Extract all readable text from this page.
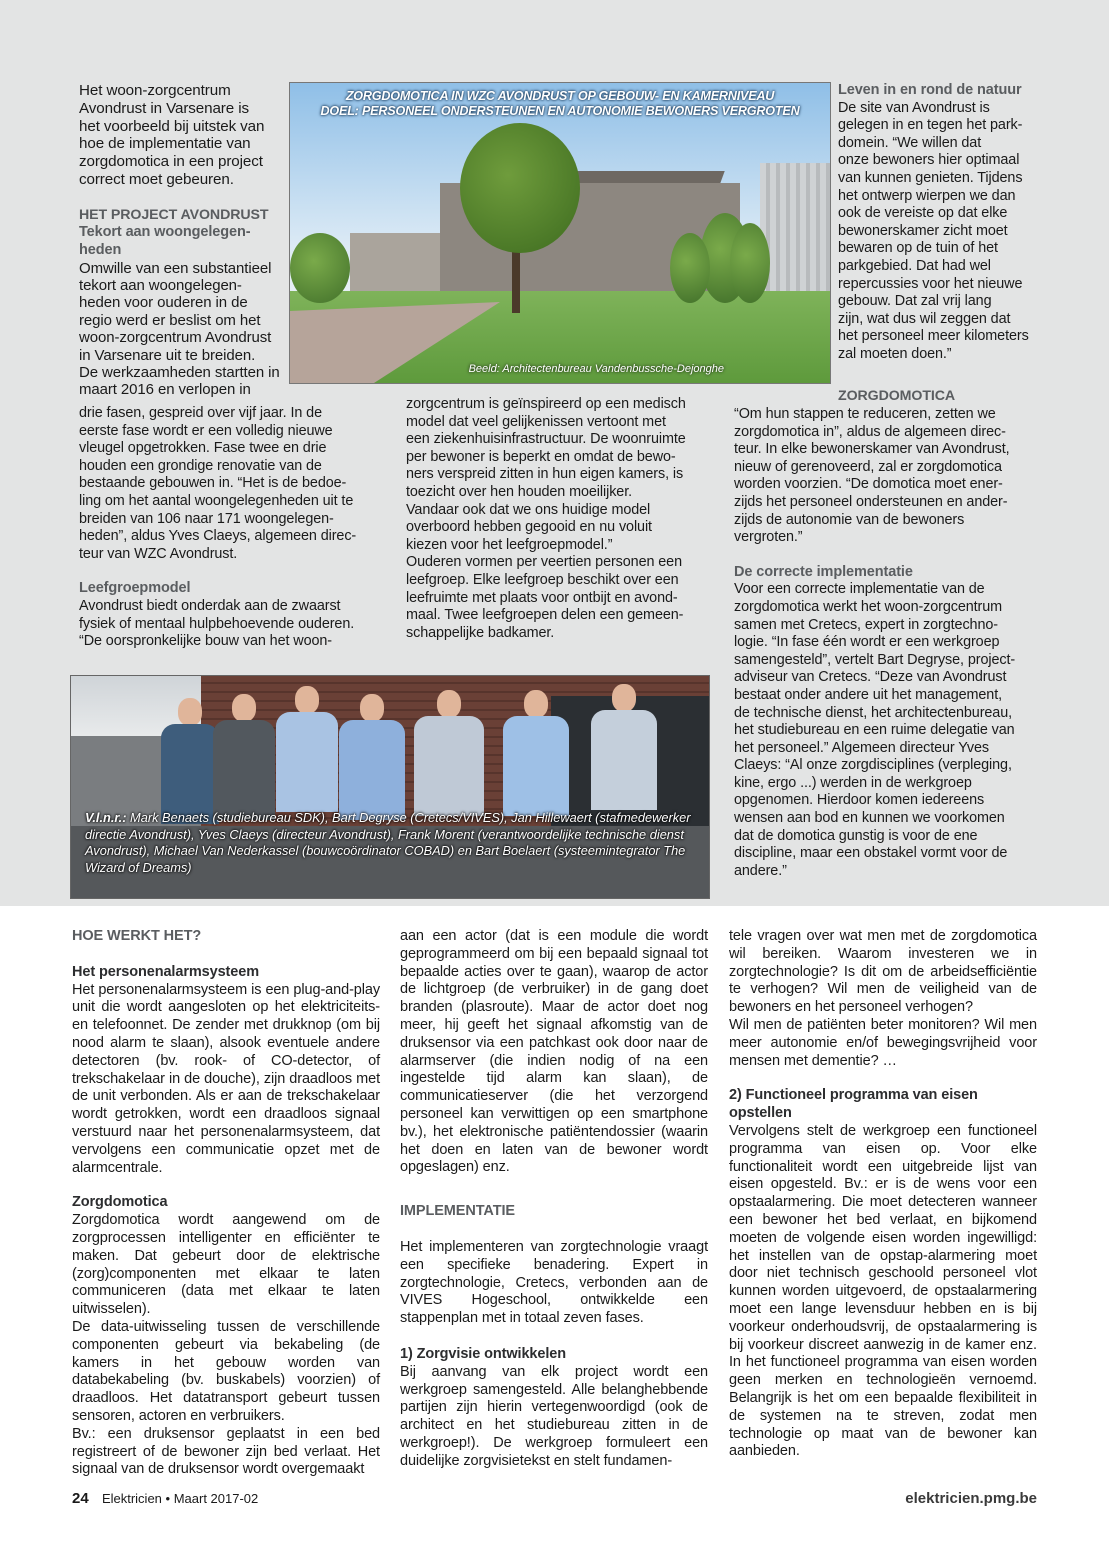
Het woon-zorgcentrum

Avondrust in Varsenare is

het voorbeeld bij uitstek van

hoe de implementatie van

zorgdomotica in een project

correct moet gebeuren.

HET PROJECT AVONDRUST

Tekort aan woongelegen-

heden

Omwille van een substantieel

tekort aan woongelegen-

heden voor ouderen in de

regio werd er beslist om het

woon-zorgcentrum Avondrust

in Varsenare uit te breiden.

De werkzaamheden startten in

maart 2016 en verlopen in

drie fasen, gespreid over vijf jaar. In de

eerste fase wordt er een volledig nieuwe

vleugel opgetrokken. Fase twee en drie

houden een grondige renovatie van de

bestaande gebouwen in. “Het is de bedoe-

ling om het aantal woongelegenheden uit te

breiden van 106 naar 171 woongelegen-

heden”, aldus Yves Claeys, algemeen direc-

teur van WZC Avondrust.

Leefgroepmodel

Avondrust biedt onderdak aan de zwaarst

fysiek of mentaal hulpbehoevende ouderen.

“De oorspronkelijke bouw van het woon-

ZORGDOMOTICA IN WZC AVONDRUST OP GEBOUW- EN KAMERNIVEAU
DOEL: PERSONEEL ONDERSTEUNEN EN AUTONOMIE BEWONERS VERGROTEN
Beeld: Architectenbureau Vandenbussche-Dejonghe

zorgcentrum is geïnspireerd op een medisch

model dat veel gelijkenissen vertoont met

een ziekenhuisinfrastructuur. De woonruimte

per bewoner is beperkt en omdat de bewo-

ners verspreid zitten in hun eigen kamers, is

toezicht over hen houden moeilijker.

Vandaar ook dat we ons huidige model

overboord hebben gegooid en nu voluit

kiezen voor het leefgroepmodel.”

Ouderen vormen per veertien personen een

leefgroep. Elke leefgroep beschikt over een

leefruimte met plaats voor ontbijt en avond-

maal. Twee leefgroepen delen een gemeen-

schappelijke badkamer.

Leven in en rond de natuur

De site van Avondrust is

gelegen in en tegen het park-

domein. “We willen dat

onze bewoners hier optimaal

van kunnen genieten. Tijdens

het ontwerp wierpen we dan

ook de vereiste op dat elke

bewonerskamer zicht moet

bewaren op de tuin of het

parkgebied. Dat had wel

repercussies voor het nieuwe

gebouw. Dat zal vrij lang

zijn, wat dus wil zeggen dat

het personeel meer kilometers

zal moeten doen.”

ZORGDOMOTICA

“Om hun stappen te reduceren, zetten we

zorgdomotica in”, aldus de algemeen direc-

teur. In elke bewonerskamer van Avondrust,

nieuw of gerenoveerd, zal er zorgdomotica

worden voorzien. “De domotica moet ener-

zijds het personeel ondersteunen en ander-

zijds de autonomie van de bewoners

vergroten.”

De correcte implementatie

Voor een correcte implementatie van de

zorgdomotica werkt het woon-zorgcentrum

samen met Cretecs, expert in zorgtechno-

logie. “In fase één wordt er een werkgroep

samengesteld”, vertelt Bart Degryse, project-

adviseur van Cretecs. “Deze van Avondrust

bestaat onder andere uit het management,

de technische dienst, het architectenbureau,

het studiebureau en een ruime delegatie van

het personeel.” Algemeen directeur Yves

Claeys: “Al onze zorgdisciplines (verpleging,

kine, ergo ...) werden in de werkgroep

opgenomen. Hierdoor komen iedereens

wensen aan bod en kunnen we voorkomen

dat de domotica gunstig is voor de ene

discipline, maar een obstakel vormt voor de

andere.”

V.l.n.r.: Mark Benaets (studiebureau SDK), Bart Degryse (Cretecs/VIVES), Jan Hillewaert (stafmedewerker directie Avondrust), Yves Claeys (directeur Avondrust), Frank Morent (verantwoordelijke technische dienst Avondrust), Michael Van Nederkassel (bouwcoördinator COBAD) en Bart Boelaert (systeemintegrator The Wizard of Dreams)

HOE WERKT HET?

Het personenalarmsysteem

Het personenalarmsysteem is een plug-and-play unit die wordt aangesloten op het elektriciteits- en telefoonnet. De zender met drukknop (om bij nood alarm te slaan), alsook eventuele andere detectoren (bv. rook- of CO-detector, of trekschakelaar in de douche), zijn draadloos met de unit verbonden. Als er aan de trekschakelaar wordt getrokken, wordt een draadloos signaal verstuurd naar het personenalarmsysteem, dat vervolgens een communicatie opzet met de alarmcentrale.

Zorgdomotica

Zorgdomotica wordt aangewend om de zorgprocessen intelligenter en efficiënter te maken. Dat gebeurt door de elektrische (zorg)componenten met elkaar te laten communiceren (data met elkaar te laten uitwisselen).

De data-uitwisseling tussen de verschillende componenten gebeurt via bekabeling (de kamers in het gebouw worden van databekabeling (bv. buskabels) voorzien) of draadloos. Het datatransport gebeurt tussen sensoren, actoren en verbruikers.

Bv.: een druksensor geplaatst in een bed registreert of de bewoner zijn bed verlaat. Het signaal van de druksensor wordt overgemaakt

aan een actor (dat is een module die wordt geprogrammeerd om bij een bepaald signaal tot bepaalde acties over te gaan), waarop de actor de lichtgroep (de verbruiker) in de gang doet branden (plasroute). Maar de actor doet nog meer, hij geeft het signaal afkomstig van de druksensor via een patchkast ook door naar de alarmserver (die indien nodig of na een ingestelde tijd alarm kan slaan), de communicatieserver (die het verzorgend personeel kan verwittigen op een smartphone bv.), het elektronische patiëntendossier (waarin het doen en laten van de bewoner wordt opgeslagen) enz.

IMPLEMENTATIE

Het implementeren van zorgtechnologie vraagt een specifieke benadering. Expert in zorgtechnologie, Cretecs, verbonden aan de VIVES Hogeschool, ontwikkelde een stappenplan met in totaal zeven fases.

1) Zorgvisie ontwikkelen

Bij aanvang van elk project wordt een werkgroep samengesteld. Alle belanghebbende partijen zijn hierin vertegenwoordigd (ook de architect en het studiebureau zitten in de werkgroep!). De werkgroep formuleert een duidelijke zorgvisietekst en stelt fundamen-

tele vragen over wat men met de zorgdomotica wil bereiken. Waarom investeren we in zorgtechnologie? Is dit om de arbeidsefficiëntie te verhogen? Wil men de veiligheid van de bewoners en het personeel verhogen?

Wil men de patiënten beter monitoren? Wil men meer autonomie en/of bewegingsvrijheid voor mensen met dementie? …

2) Functioneel programma van eisen opstellen

Vervolgens stelt de werkgroep een functioneel programma van eisen op. Voor elke functionaliteit wordt een uitgebreide lijst van eisen opgesteld. Bv.: er is de wens voor een opstaalarmering. Die moet detecteren wanneer een bewoner het bed verlaat, en bijkomend moeten de volgende eisen worden ingewilligd: het instellen van de opstap-alarmering moet door niet technisch geschoold personeel vlot kunnen worden uitgevoerd, de opstaalarmering moet een lange levensduur hebben en is bij voorkeur onderhoudsvrij, de opstaalarmering is bij voorkeur discreet aanwezig in de kamer enz. In het functioneel programma van eisen worden geen merken en technologieën vernoemd. Belangrijk is het om een bepaalde flexibiliteit in de systemen na te streven, zodat men technologie op maat van de bewoner kan aanbieden.

24 Elektricien • Maart 2017-02	elektricien.pmg.be
